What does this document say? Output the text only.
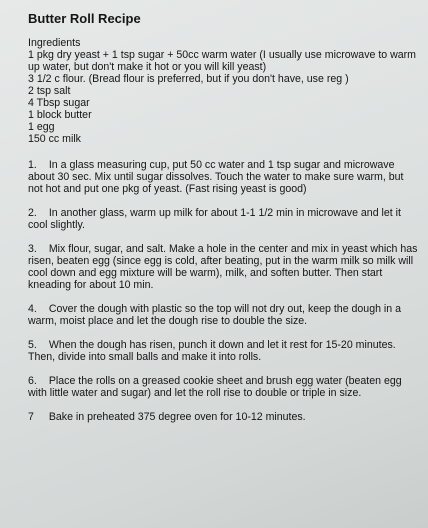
Butter Roll Recipe
Ingredients
1 pkg dry yeast + 1 tsp sugar + 50cc warm water (I usually use microwave to warm up water, but don't make it hot or you will kill yeast)
3 1/2 c flour. (Bread flour is preferred, but if you don't have, use reg )
2 tsp salt
4 Tbsp sugar
1 block butter
1 egg
150 cc milk
1. In a glass measuring cup, put 50 cc water and 1 tsp sugar and microwave about 30 sec. Mix until sugar dissolves. Touch the water to make sure warm, but not hot and put one pkg of yeast. (Fast rising yeast is good)
2. In another glass, warm up milk for about 1-1 1/2 min in microwave and let it cool slightly.
3. Mix flour, sugar, and salt. Make a hole in the center and mix in yeast which has risen, beaten egg (since egg is cold, after beating, put in the warm milk so milk will cool down and egg mixture will be warm), milk, and soften butter. Then start kneading for about 10 min.
4. Cover the dough with plastic so the top will not dry out, keep the dough in a warm, moist place and let the dough rise to double the size.
5. When the dough has risen, punch it down and let it rest for 15-20 minutes. Then, divide into small balls and make it into rolls.
6. Place the rolls on a greased cookie sheet and brush egg water (beaten egg with little water and sugar) and let the roll rise to double or triple in size.
7 Bake in preheated 375 degree oven for 10-12 minutes.
